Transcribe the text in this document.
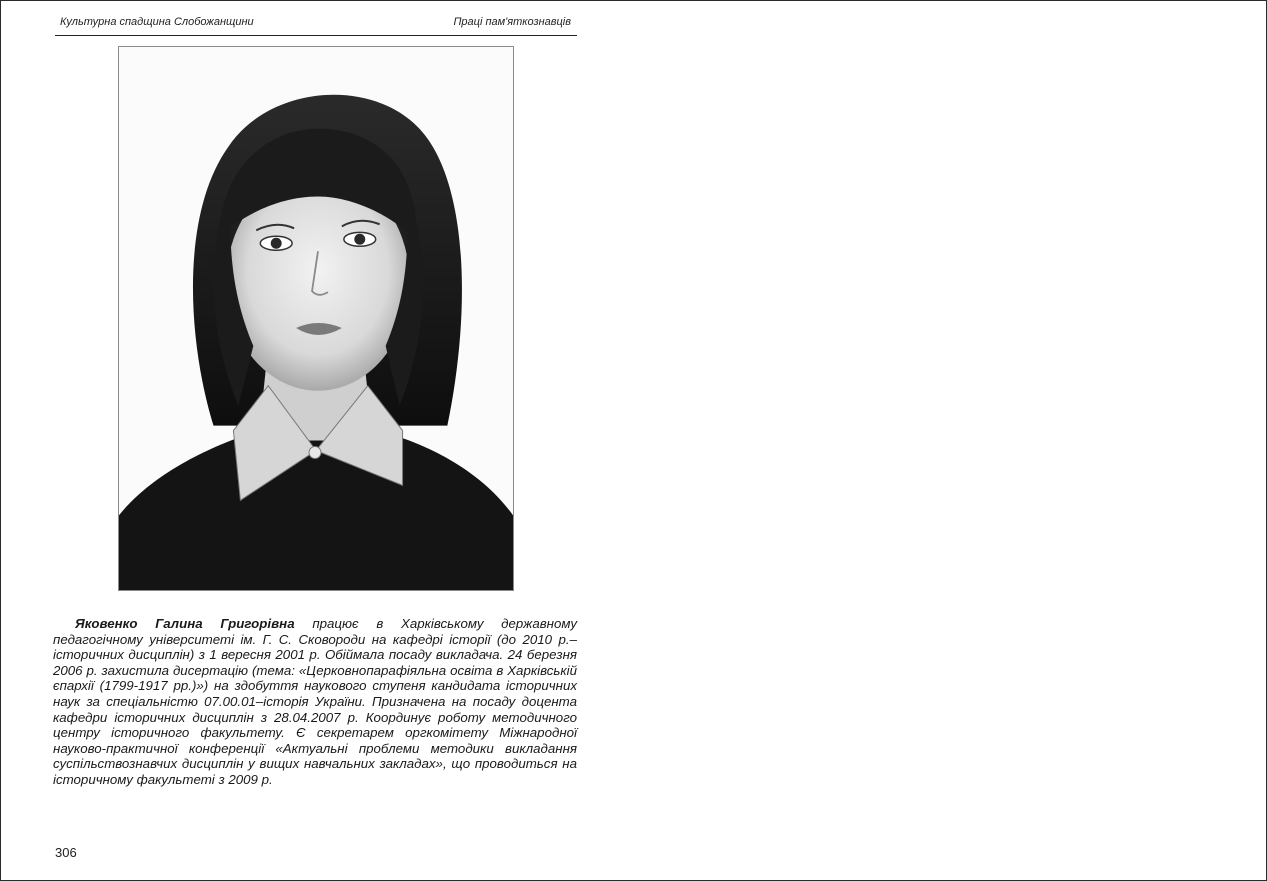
Культурна спадщина Слобожанщини	Праці пам'яткознавців

Яковенко Галина Григорівна працює в Харківському державному педагогічному університеті ім. Г. С. Сковороди на кафедрі історії (до 2010 р.– історичних дисциплін) з 1 вересня 2001 р. Обіймала посаду викладача. 24 березня 2006 р. захистила дисертацію (тема: «Церковнопарафіяльна освіта в Харківській єпархії (1799-1917 рр.)») на здобуття наукового ступеня кандидата історичних наук за спеціальністю 07.00.01–історія України. Призначена на посаду доцента кафедри історичних дисциплін з 28.04.2007 р. Координує роботу методичного центру історичного факультету. Є секретарем оргкомітету Міжнародної науково-практичної конференції «Актуальні проблеми методики викладання суспільствознавчих дисциплін у вищих навчальних закладах», що проводиться на історичному факультеті з 2009 р.

306
